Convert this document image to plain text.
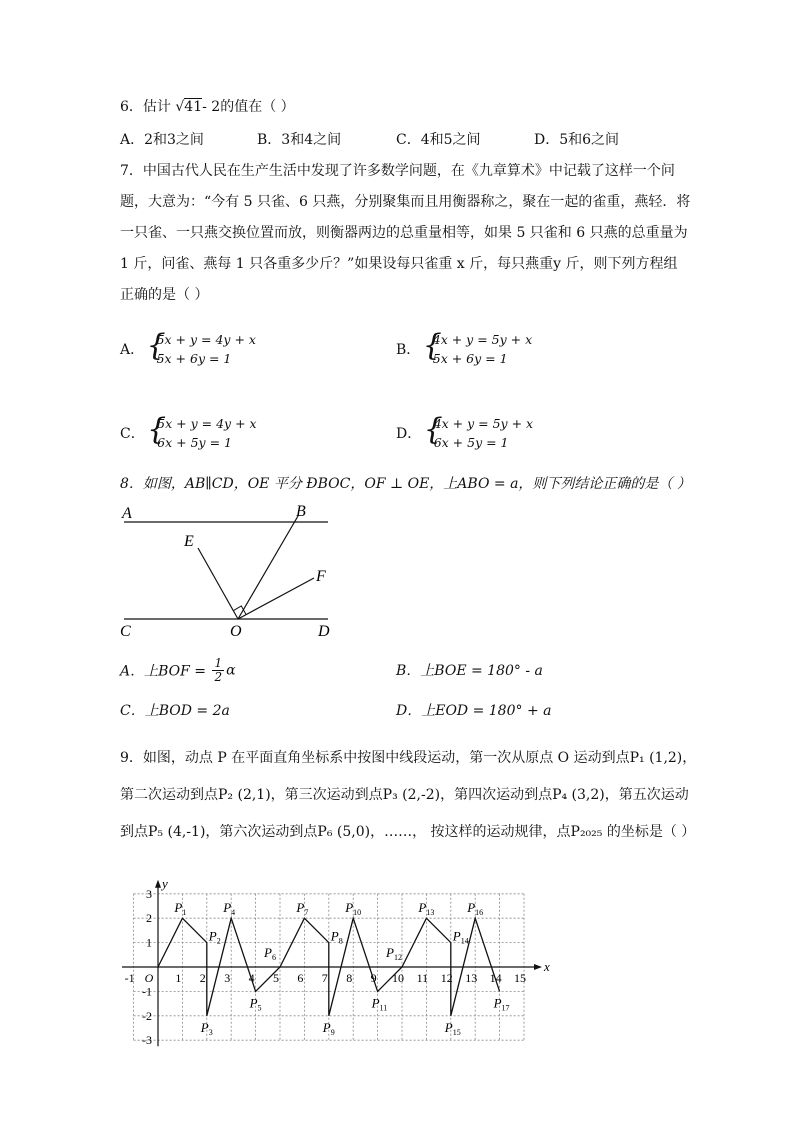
6．估计 √41- 2的值在（ ）
A．2和3之间	B．3和4之间	C．4和5之间	D．5和6之间
7．中国古代人民在生产生活中发现了许多数学问题，在《九章算术》中记载了这样一个问
题，大意为：“今有 5 只雀、6 只燕，分别聚集而且用衡器称之，聚在一起的雀重，燕轻．将
一只雀、一只燕交换位置而放，则衡器两边的总重量相等，如果 5 只雀和 6 只燕的总重量为
1 斤，问雀、燕每 1 只各重多少斤？”如果设每只雀重 x 斤，每只燕重y 斤，则下列方程组
正确的是（ ）
A． { 5x + y = 4y + x
5x + 6y = 1
B． { 4x + y = 5y + x
5x + 6y = 1
C． { 5x + y = 4y + x
6x + 5y = 1
D． { 4x + y = 5y + x
6x + 5y = 1
8．如图，AB∥CD，OE 平分 ÐBOC，OF ⊥ OE，上ABO = a，则下列结论正确的是（ ）
A	B
E
F
C	O	D
A．上BOF = $\frac{1}{2}$ α	B．上BOE = 180° - a
C．上BOD = 2a	D．上EOD = 180° + a
9．如图，动点 P 在平面直角坐标系中按图中线段运动，第一次从原点 O 运动到点P₁ (1,2)，
第二次运动到点P₂ (2,1)，第三次运动到点P₃ (2,-2)，第四次运动到点P₄ (3,2)，第五次运动
到点P₅ (4,-1)，第六次运动到点P₆ (5,0)，……， 按这样的运动规律，点P₂₀₂₅ 的坐标是（ ）
x
y
-1 O 1 2 3 4 5 6 7 8 9 10 11 12 13 14 15
3
2
1
-1
-2
-3
$P_1$
$P_2$
$P_3$
$P_4$
$P_5$
$P_6$
$P_7$
$P_8$
$P_9$
$P_{10}$
$P_{11}$
$P_{12}$
$P_{13}$
$P_{14}$
$P_{15}$
$P_{16}$
$P_{17}$
